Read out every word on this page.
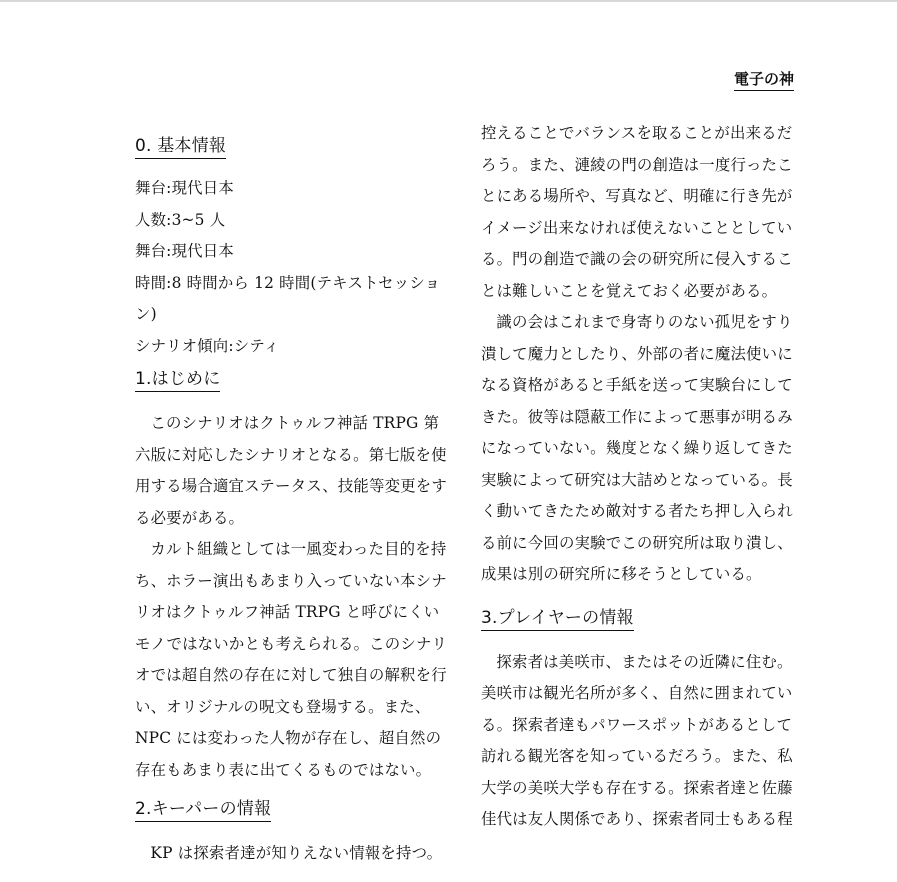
電子の神
0. 基本情報

舞台:現代日本

人数:3~5 人

舞台:現代日本

時間:8 時間から 12 時間(テキストセッション)

シナリオ傾向:シティ

1.はじめに

このシナリオはクトゥルフ神話 TRPG 第六版に対応したシナリオとなる。第七版を使用する場合適宜ステータス、技能等変更をする必要がある。

カルト組織としては一風変わった目的を持ち、ホラー演出もあまり入っていない本シナリオはクトゥルフ神話 TRPG と呼びにくいモノではないかとも考えられる。このシナリオでは超自然の存在に対して独自の解釈を行い、オリジナルの呪文も登場する。また、NPC には変わった人物が存在し、超自然の存在もあまり表に出てくるものではない。

2.キーパーの情報

KP は探索者達が知りえない情報を持つ。

控えることでバランスを取ることが出来るだろう。また、漣綾の門の創造は一度行ったことにある場所や、写真など、明確に行き先がイメージ出来なければ使えないこととしている。門の創造で識の会の研究所に侵入することは難しいことを覚えておく必要がある。

識の会はこれまで身寄りのない孤児をすり潰して魔力としたり、外部の者に魔法使いになる資格があると手紙を送って実験台にしてきた。彼等は隠蔽工作によって悪事が明るみになっていない。幾度となく繰り返してきた実験によって研究は大詰めとなっている。長く動いてきたため敵対する者たち押し入られる前に今回の実験でこの研究所は取り潰し、成果は別の研究所に移そうとしている。

3.プレイヤーの情報

探索者は美咲市、またはその近隣に住む。美咲市は観光名所が多く、自然に囲まれている。探索者達もパワースポットがあるとして訪れる観光客を知っているだろう。また、私大学の美咲大学も存在する。探索者達と佐藤佳代は友人関係であり、探索者同士もある程
